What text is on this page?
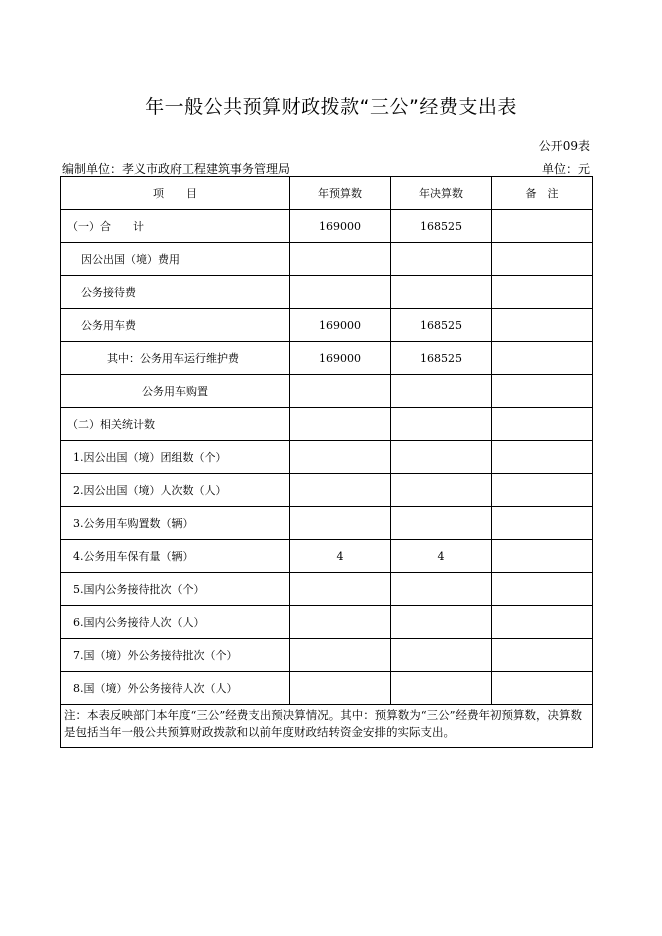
年一般公共预算财政拨款“三公”经费支出表
公开09表
编制单位：孝义市政府工程建筑事务管理局	单位：元
项　　目	年预算数	年决算数	备　注
（一）合　　计	169000	168525	
因公出国（境）费用			
公务接待费			
公务用车费	169000	168525	
其中：公务用车运行维护费	169000	168525	
公务用车购置			
（二）相关统计数			
1.因公出国（境）团组数（个）			
2.因公出国（境）人次数（人）			
3.公务用车购置数（辆）			
4.公务用车保有量（辆）	4	4	
5.国内公务接待批次（个）			
6.国内公务接待人次（人）			
7.国（境）外公务接待批次（个）			
8.国（境）外公务接待人次（人）			
注：本表反映部门本年度“三公”经费支出预决算情况。其中：预算数为“三公”经费年初预算数，决算数是包括当年一般公共预算财政拨款和以前年度财政结转资金安排的实际支出。			
